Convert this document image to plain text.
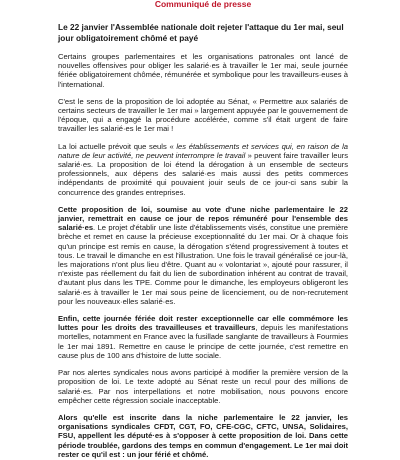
Communiqué de presse
Le 22 janvier l'Assemblée nationale doit rejeter l'attaque du 1er mai, seul jour obligatoirement chômé et payé

Certains groupes parlementaires et les organisations patronales ont lancé de nouvelles offensives pour obliger les salarié·es à travailler le 1er mai, seule journée fériée obligatoirement chômée, rémunérée et symbolique pour les travailleurs·euses à l'international.

C'est le sens de la proposition de loi adoptée au Sénat, « Permettre aux salariés de certains secteurs de travailler le 1er mai » largement appuyée par le gouvernement de l'époque, qui a engagé la procédure accélérée, comme s'il était urgent de faire travailler les salarié·es le 1er mai !

La loi actuelle prévoit que seuls « les établissements et services qui, en raison de la nature de leur activité, ne peuvent interrompre le travail » peuvent faire travailler leurs salarié·es. La proposition de loi étend la dérogation à un ensemble de secteurs professionnels, aux dépens des salarié·es mais aussi des petits commerces indépendants de proximité qui pouvaient jouir seuls de ce jour-ci sans subir la concurrence des grandes entreprises.

Cette proposition de loi, soumise au vote d'une niche parlementaire le 22 janvier, remettrait en cause ce jour de repos rémunéré pour l'ensemble des salarié·es. Le projet d'établir une liste d'établissements visés, constitue une première brèche et remet en cause la précieuse exceptionnalité du 1er mai. Or à chaque fois qu'un principe est remis en cause, la dérogation s'étend progressivement à toutes et tous. Le travail le dimanche en est l'illustration. Une fois le travail généralisé ce jour-là, les majorations n'ont plus lieu d'être. Quant au « volontariat », ajouté pour rassurer, il n'existe pas réellement du fait du lien de subordination inhérent au contrat de travail, d'autant plus dans les TPE. Comme pour le dimanche, les employeurs obligeront les salarié·es à travailler le 1er mai sous peine de licenciement, ou de non-recrutement pour les nouveaux·elles salarié·es.

Enfin, cette journée fériée doit rester exceptionnelle car elle commémore les luttes pour les droits des travailleuses et travailleurs, depuis les manifestations mortelles, notamment en France avec la fusillade sanglante de travailleurs à Fourmies le 1er mai 1891. Remettre en cause le principe de cette journée, c'est remettre en cause plus de 100 ans d'histoire de lutte sociale.

Par nos alertes syndicales nous avons participé à modifier la première version de la proposition de loi. Le texte adopté au Sénat reste un recul pour des millions de salarié·es. Par nos interpellations et notre mobilisation, nous pouvons encore empêcher cette régression sociale inacceptable.

Alors qu'elle est inscrite dans la niche parlementaire le 22 janvier, les organisations syndicales CFDT, CGT, FO, CFE-CGC, CFTC, UNSA, Solidaires, FSU, appellent les député·es à s'opposer à cette proposition de loi. Dans cette période troublée, gardons des temps en commun d'engagement. Le 1er mai doit rester ce qu'il est : un jour férié et chômé.
